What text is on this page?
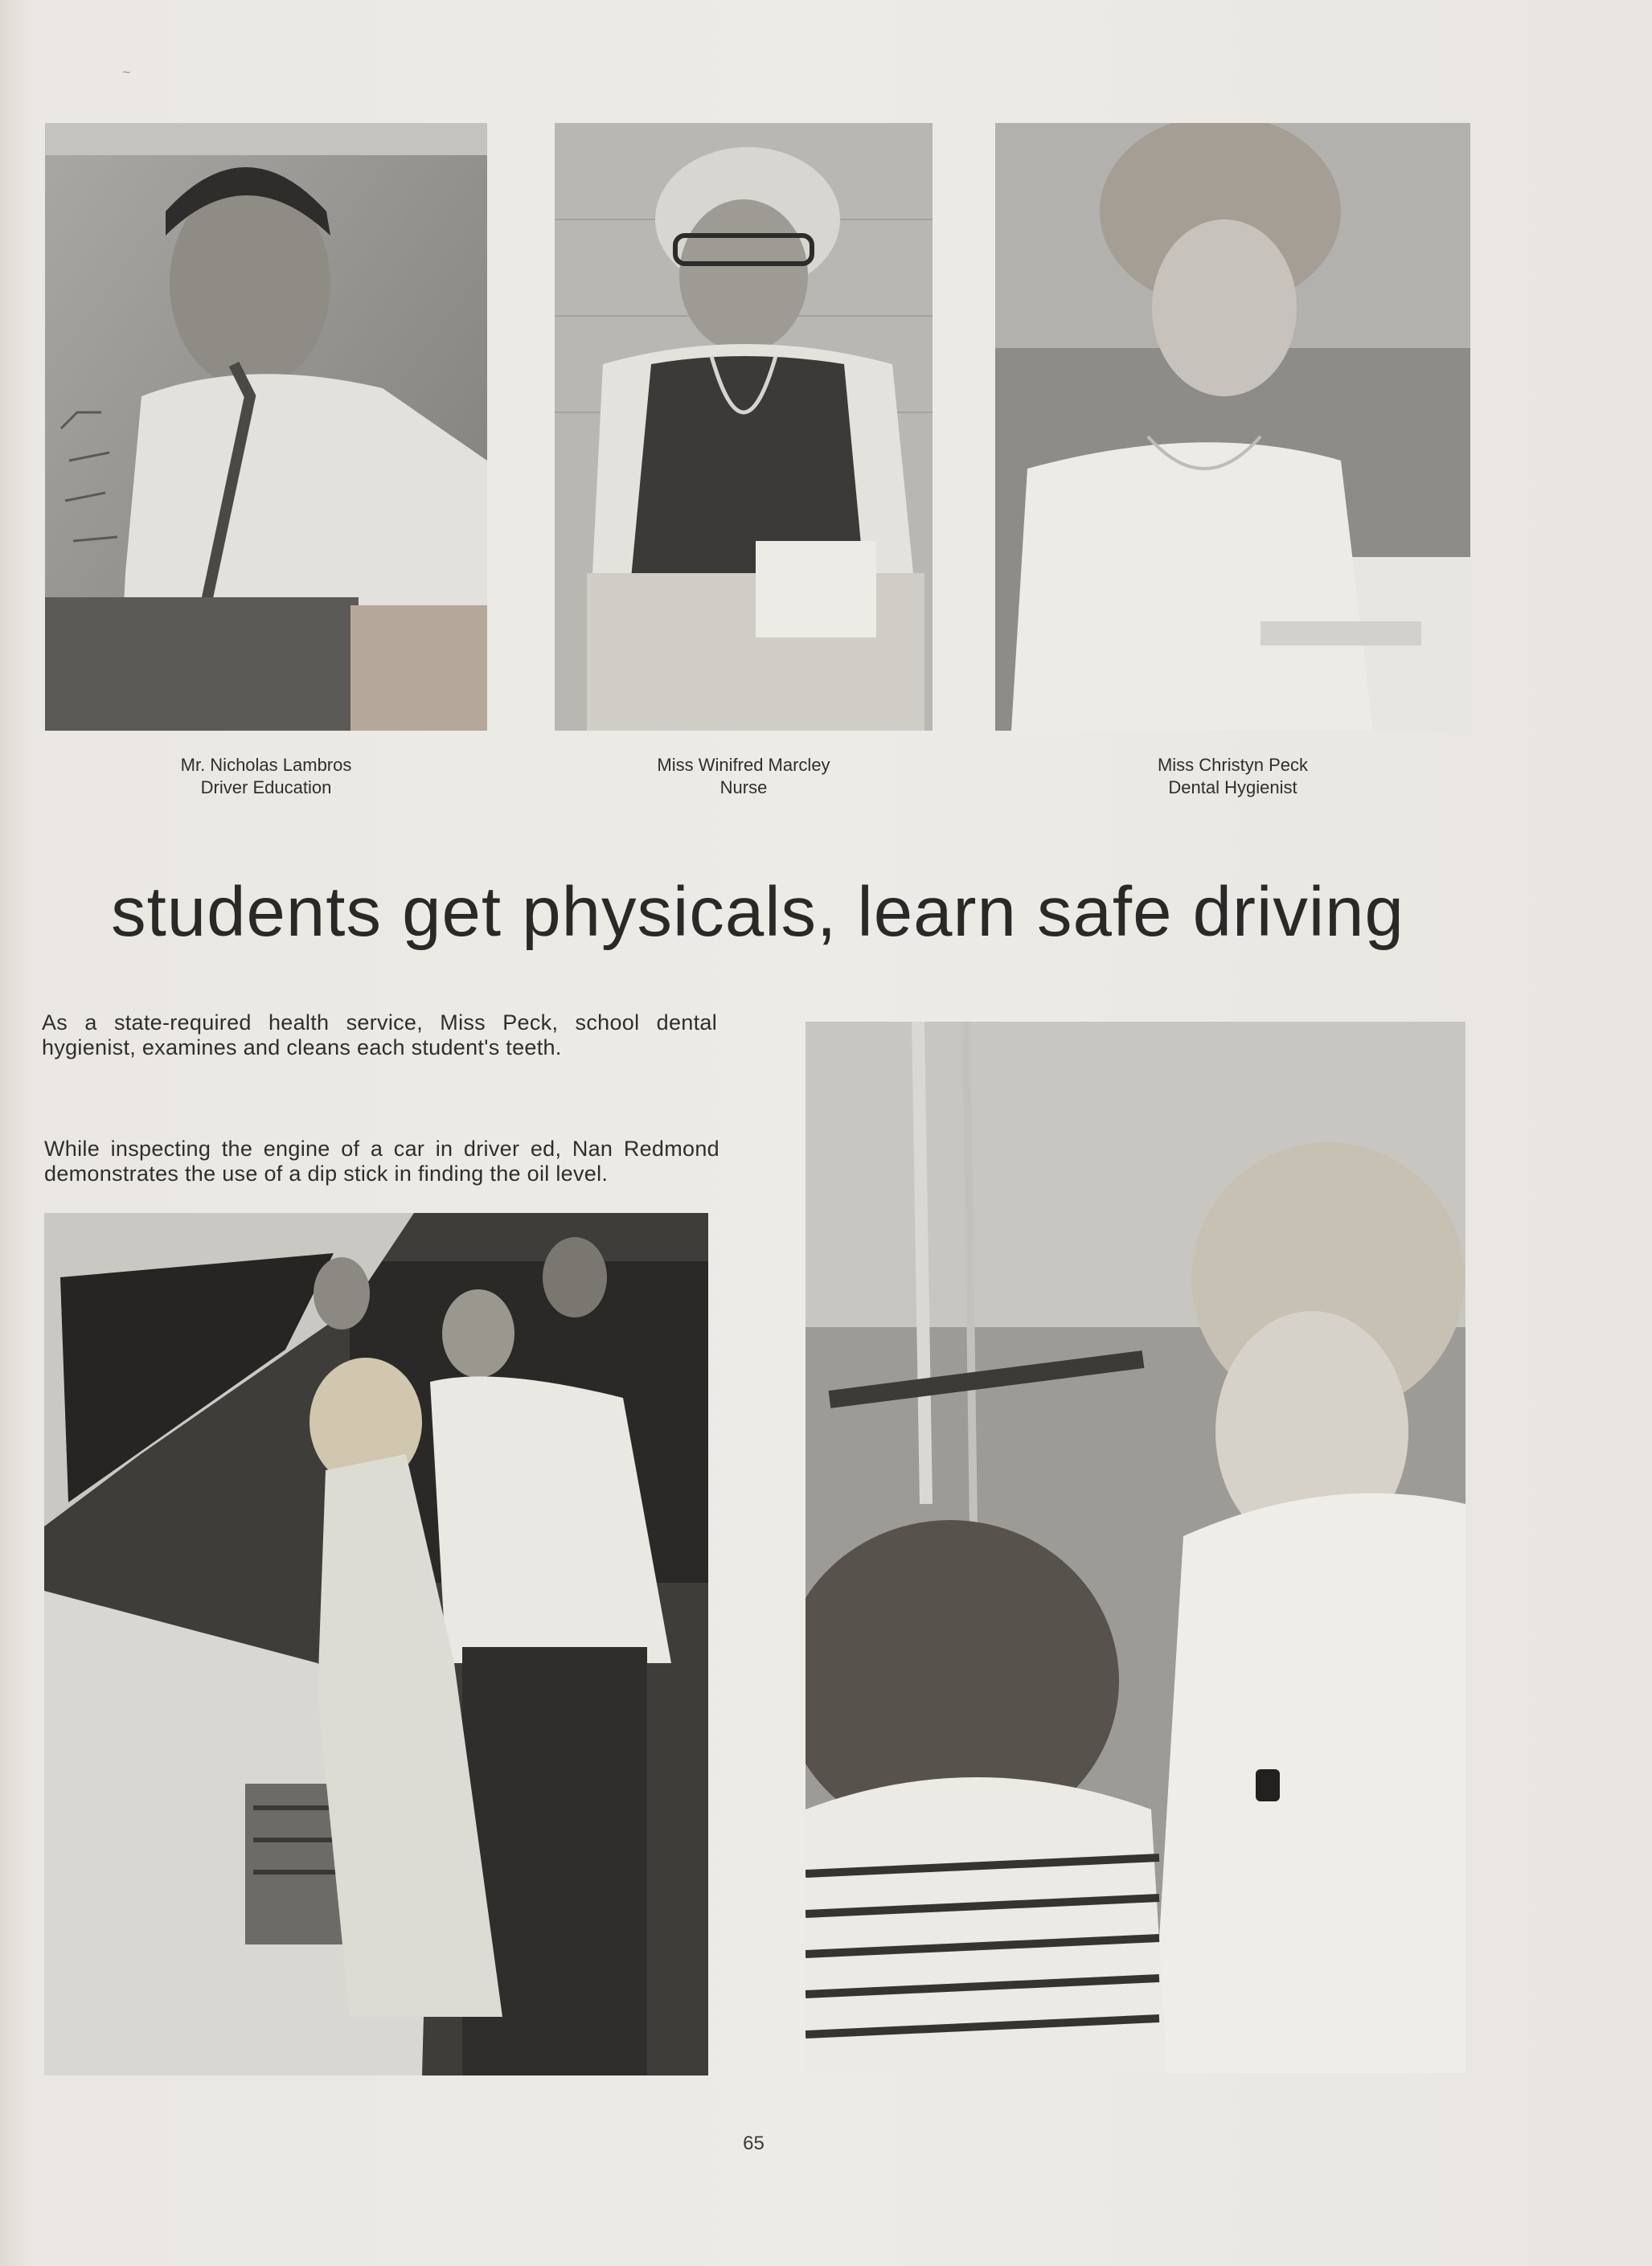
~
Mr. Nicholas Lambros
Driver Education
Miss Winifred Marcley
Nurse
Miss Christyn Peck
Dental Hygienist
students get physicals, learn safe driving
As a state-required health service, Miss Peck, school dental hygienist, examines and cleans each student's teeth.
While inspecting the engine of a car in driver ed, Nan Redmond demonstrates the use of a dip stick in finding the oil level.
65
